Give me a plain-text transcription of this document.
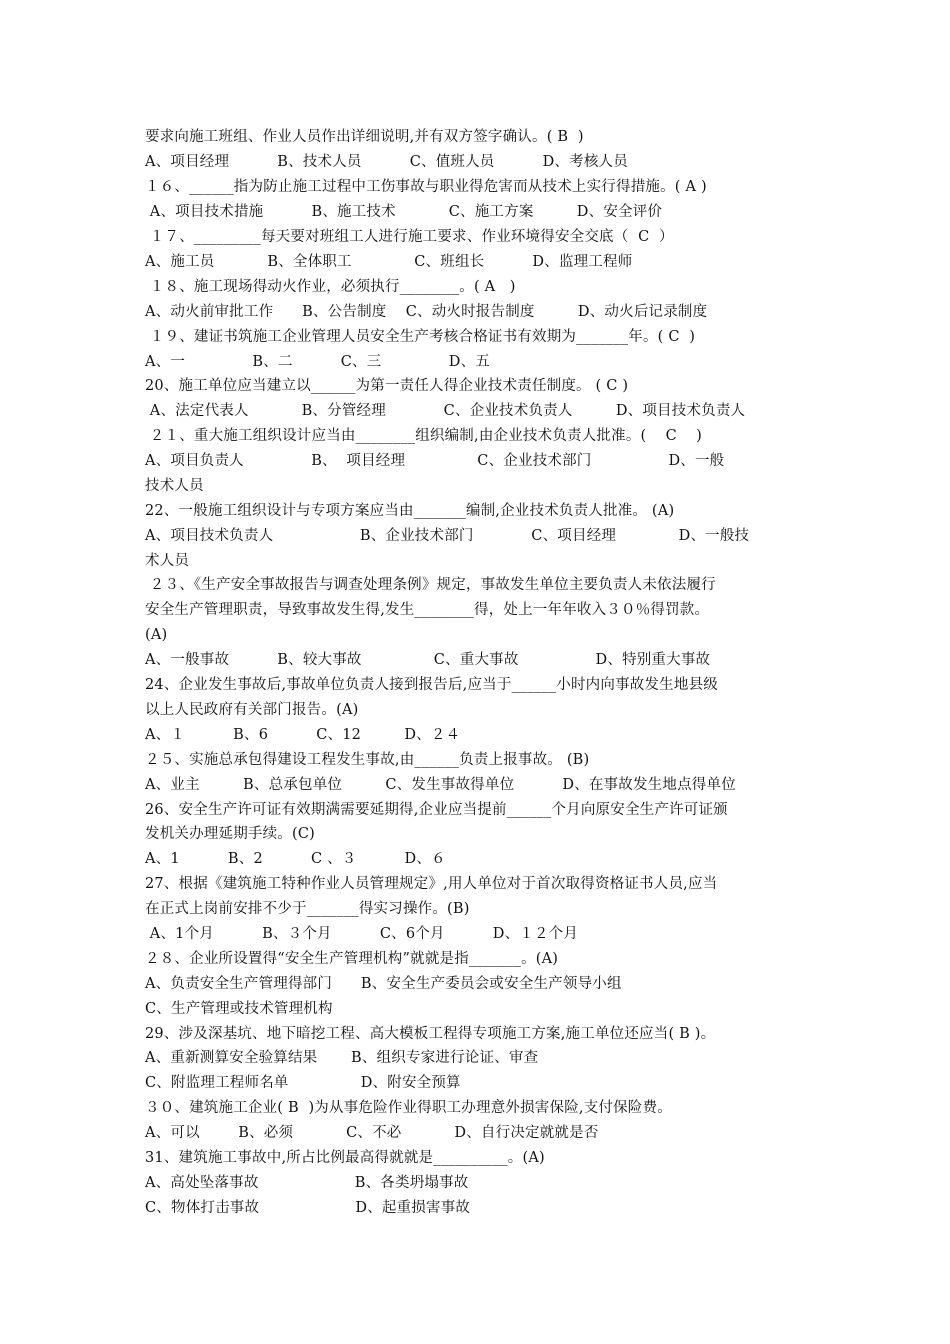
要求向施工班组、作业人员作出详细说明,并有双方签字确认。( B  )
A、项目经理          B、技术人员          C、值班人员          D、考核人员
１６、______指为防止施工过程中工伤事故与职业得危害而从技术上实行得措施。( A )
A、项目技术措施          B、施工技术           C、施工方案         D、安全评价
１７、_________每天要对班组工人进行施工要求、作业环境得安全交底（  C  ）
A、施工员           B、全体职工             C、班组长          D、监理工程师
１８、施工现场得动火作业，必须执行________。( A   )
A、动火前审批工作      B、公告制度    C、动火时报告制度         D、动火后记录制度
１９、建证书筑施工企业管理人员安全生产考核合格证书有效期为_______年。( C  )
A、一              B、二          C、三              D、五
20、施工单位应当建立以______为第一责任人得企业技术责任制度。 ( C )
A、法定代表人           B、分管经理            C、企业技术负责人         D、项目技术负责人
２１、重大施工组织设计应当由________组织编制,由企业技术负责人批准。(    C    )
A、项目负责人              B、  项目经理               C、企业技术部门                D、一般
技术人员
22、一般施工组织设计与专项方案应当由_______编制,企业技术负责人批准。 (A)
A、项目技术负责人                  B、企业技术部门            C、项目经理             D、一般技
术人员
２３、《生产安全事故报告与调查处理条例》规定，事故发生单位主要负责人未依法履行
安全生产管理职责，导致事故发生得,发生________得，处上一年年收入３０％得罚款。
(A)
A、一般事故          B、较大事故               C、重大事故                D、特别重大事故
24、企业发生事故后,事故单位负责人接到报告后,应当于______小时内向事故发生地县级
以上人民政府有关部门报告。(A)
A、１          B、6          C、12         D、２４
２５、实施总承包得建设工程发生事故,由______负责上报事故。 (B)
A、业主         B、总承包单位         C、发生事故得单位          D、在事故发生地点得单位
26、安全生产许可证有效期满需要延期得,企业应当提前______个月向原安全生产许可证颁
发机关办理延期手续。(C)
A、1          B、2          C 、３          D、６
27、根据《建筑施工特种作业人员管理规定》,用人单位对于首次取得资格证书人员,应当
在正式上岗前安排不少于_______得实习操作。(B)
A、1个月          B、３个月          C、6个月          D、１２个月
２８、企业所设置得“安全生产管理机构”就就是指_______。(A)
A、负责安全生产管理得部门      B、安全生产委员会或安全生产领导小组
C、生产管理或技术管理机构
29、涉及深基坑、地下暗挖工程、高大模板工程得专项施工方案,施工单位还应当( B )。
A、重新测算安全验算结果       B、组织专家进行论证、审查
C、附监理工程师名单               D、附安全预算
３０、建筑施工企业( B  )为从事危险作业得职工办理意外损害保险,支付保险费。
A、可以        B、必须           C、不必           D、自行决定就就是否
31、建筑施工事故中,所占比例最高得就就是__________。(A)
A、高处坠落事故                    B、各类坍塌事故
C、物体打击事故                    D、起重损害事故
